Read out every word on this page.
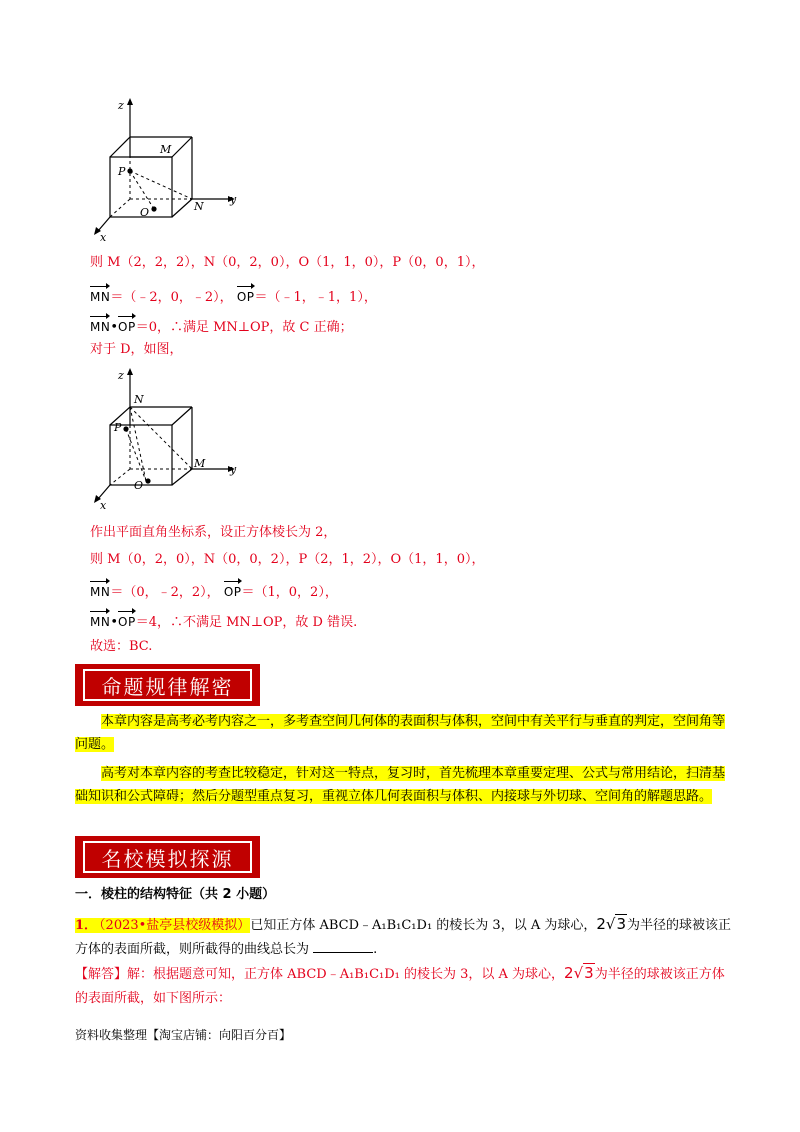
z
y
x
M
P
O	N
则 M（2，2，2），N（0，2，0），O（1，1，0），P（0，0，1），
MN＝（﹣2，0，﹣2）， OP＝（﹣1，﹣1，1），
MN•OP＝0，∴满足 MN⊥OP，故 C 正确；
对于 D，如图，
z
y
x
N
P
M
O
作出平面直角坐标系，设正方体棱长为 2，
则 M（0，2，0），N（0，0，2），P（2，1，2），O（1，1，0），
MN＝（0，﹣2，2）， OP＝（1，0，2），
MN•OP＝4，∴不满足 MN⊥OP，故 D 错误.
故选：BC.
命题规律解密
本章内容是高考必考内容之一，多考查空间几何体的表面积与体积，空间中有关平行与垂直的判定，空间角等问题。
高考对本章内容的考查比较稳定，针对这一特点，复习时，首先梳理本章重要定理、公式与常用结论，扫清基础知识和公式障碍；然后分题型重点复习，重视立体几何表面积与体积、内接球与外切球、空间角的解题思路。
名校模拟探源
一．棱柱的结构特征（共 2 小题）
1． （2023•盐亭县校级模拟）已知正方体 ABCD﹣A₁B₁C₁D₁ 的棱长为 3，以 A 为球心，2√3为半径的球被该正方体的表面所截，则所截得的曲线总长为	.
【解答】解：根据题意可知，正方体 ABCD﹣A₁B₁C₁D₁ 的棱长为 3，以 A 为球心，2√3为半径的球被该正方体的表面所截，如下图所示：
资料收集整理【淘宝店铺：向阳百分百】
